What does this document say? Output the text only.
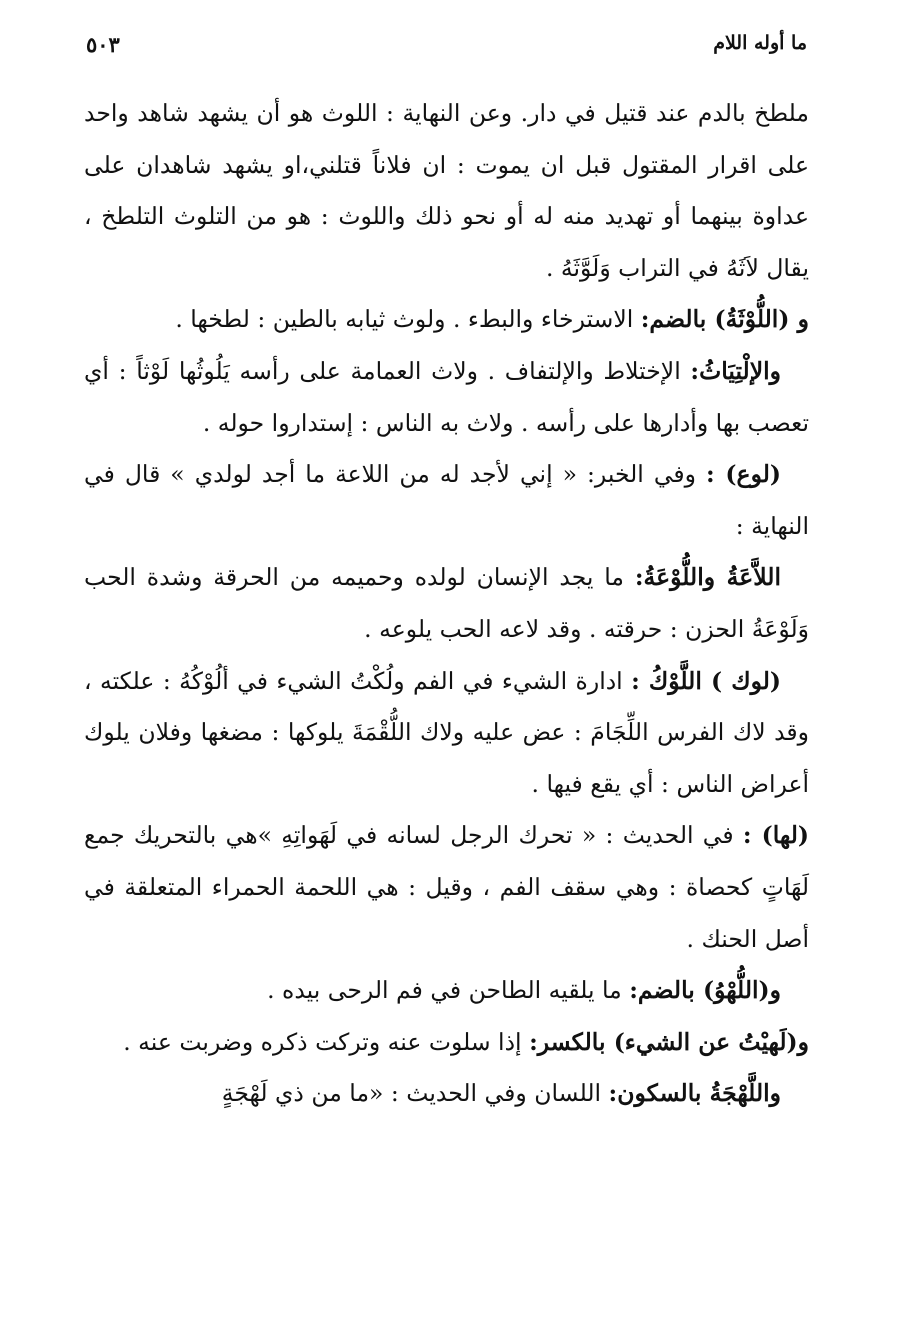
ما أوله اللام
٥٠٣

ملطخ بالدم عند قتيل في دار. وعن النهاية : اللوث هو أن يشهد شاهد واحد على اقرار المقتول قبل ان يموت : ان فلاناً قتلني،او يشهد شاهدان على عداوة بينهما أو تهديد منه له أو نحو ذلك واللوث : هو من التلوث التلطخ ، يقال لاَثَهُ في التراب وَلَوَّثَهُ .

و (اللُّوْثَةُ) بالضم: الاسترخاء والبطء . ولوث ثيابه بالطين : لطخها .

والإلْتِيَاثُ: الإختلاط والإلتفاف . ولاث العمامة على رأسه يَلُوثُها لَوْثاً : أي تعصب بها وأدارها على رأسه . ولاث به الناس : إستداروا حوله .

(لوع) : وفي الخبر: « إني لأجد له من اللاعة ما أجد لولدي » قال في النهاية :

اللاَّعَةُ واللُّوْعَةُ: ما يجد الإنسان لولده وحميمه من الحرقة وشدة الحب وَلَوْعَةُ الحزن : حرقته . وقد لاعه الحب يلوعه .

(لوك ) اللَّوْكُ : ادارة الشيء في الفم ولُكْتُ الشيء في ألُوْكُهُ : علكته ، وقد لاك الفرس اللِّجَامَ : عض عليه ولاك اللُّقْمَةَ يلوكها : مضغها وفلان يلوك أعراض الناس : أي يقع فيها .

(لها) : في الحديث : « تحرك الرجل لسانه في لَهَواتِهِ »هي بالتحريك جمع لَهَاتٍ كحصاة : وهي سقف الفم ، وقيل : هي اللحمة الحمراء المتعلقة في أصل الحنك .

و(اللُّهْوُ) بالضم: ما يلقيه الطاحن في فم الرحى بيده .

و(لَهيْتُ عن الشيء) بالكسر: إذا سلوت عنه وتركت ذكره وضربت عنه .

واللَّهْجَةُ بالسكون: اللسان وفي الحديث : «ما من ذي لَهْجَةٍ
